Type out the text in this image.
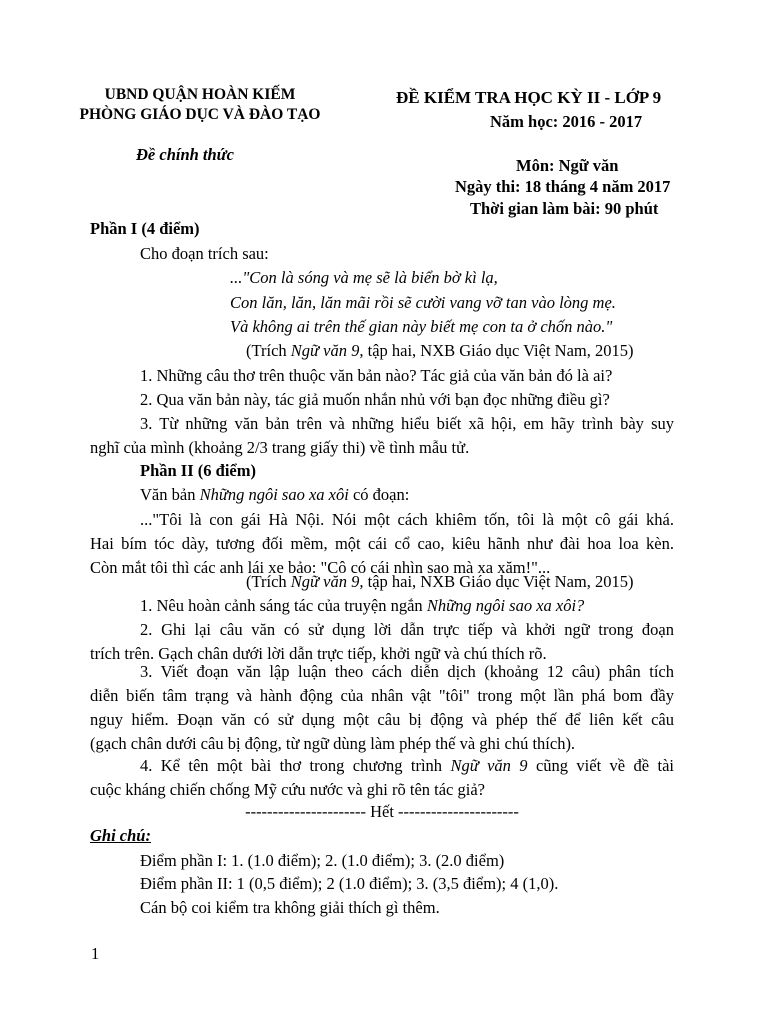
UBND QUẬN HOÀN KIẾM
PHÒNG GIÁO DỤC VÀ ĐÀO TẠO
Đề chính thức
ĐỀ KIỂM TRA HỌC KỲ II - LỚP 9
Năm học: 2016 - 2017
Môn: Ngữ văn
Ngày thi: 18 tháng 4 năm 2017
Thời gian làm bài: 90 phút
Phần I (4 điểm)
Cho đoạn trích sau:
..."Con là sóng và mẹ sẽ là biển bờ kì lạ,
Con lăn, lăn, lăn mãi rồi sẽ cười vang vỡ tan vào lòng mẹ.
Và không ai trên thế gian này biết mẹ con ta ở chốn nào."
(Trích Ngữ văn 9, tập hai, NXB Giáo dục Việt Nam, 2015)
1. Những câu thơ trên thuộc văn bản nào? Tác giả của văn bản đó là ai?
2. Qua văn bản này, tác giả muốn nhắn nhủ với bạn đọc những điều gì?
3. Từ những văn bản trên và những hiểu biết xã hội, em hãy trình bày suy
nghĩ của mình (khoảng 2/3 trang giấy thi) về tình mẫu tử.
Phần II (6 điểm)
Văn bản Những ngôi sao xa xôi có đoạn:
..."Tôi là con gái Hà Nội. Nói một cách khiêm tốn, tôi là một cô gái khá.
Hai bím tóc dày, tương đối mềm, một cái cổ cao, kiêu hãnh như đài hoa loa kèn.
Còn mắt tôi thì các anh lái xe bảo: "Cô có cái nhìn sao mà xa xăm!"...
(Trích Ngữ văn 9, tập hai, NXB Giáo dục Việt Nam, 2015)
1. Nêu hoàn cảnh sáng tác của truyện ngắn Những ngôi sao xa xôi?
2. Ghi lại câu văn có sử dụng lời dẫn trực tiếp và khởi ngữ trong đoạn
trích trên. Gạch chân dưới lời dẫn trực tiếp, khởi ngữ và chú thích rõ.
3. Viết đoạn văn lập luận theo cách diễn dịch (khoảng 12 câu) phân tích
diễn biến tâm trạng và hành động của nhân vật "tôi" trong một lần phá bom đầy
nguy hiểm. Đoạn văn có sử dụng một câu bị động và phép thế để liên kết câu
(gạch chân dưới câu bị động, từ ngữ dùng làm phép thế và ghi chú thích).
4. Kể tên một bài thơ trong chương trình Ngữ văn 9 cũng viết về đề tài
cuộc kháng chiến chống Mỹ cứu nước và ghi rõ tên tác giả?
---------------------- Hết ----------------------
Ghi chú:
Điểm phần I: 1. (1.0 điểm); 2. (1.0 điểm); 3. (2.0 điểm)
Điểm phần II: 1 (0,5 điểm); 2 (1.0 điểm); 3. (3,5 điểm); 4 (1,0).
Cán bộ coi kiểm tra không giải thích gì thêm.
1
